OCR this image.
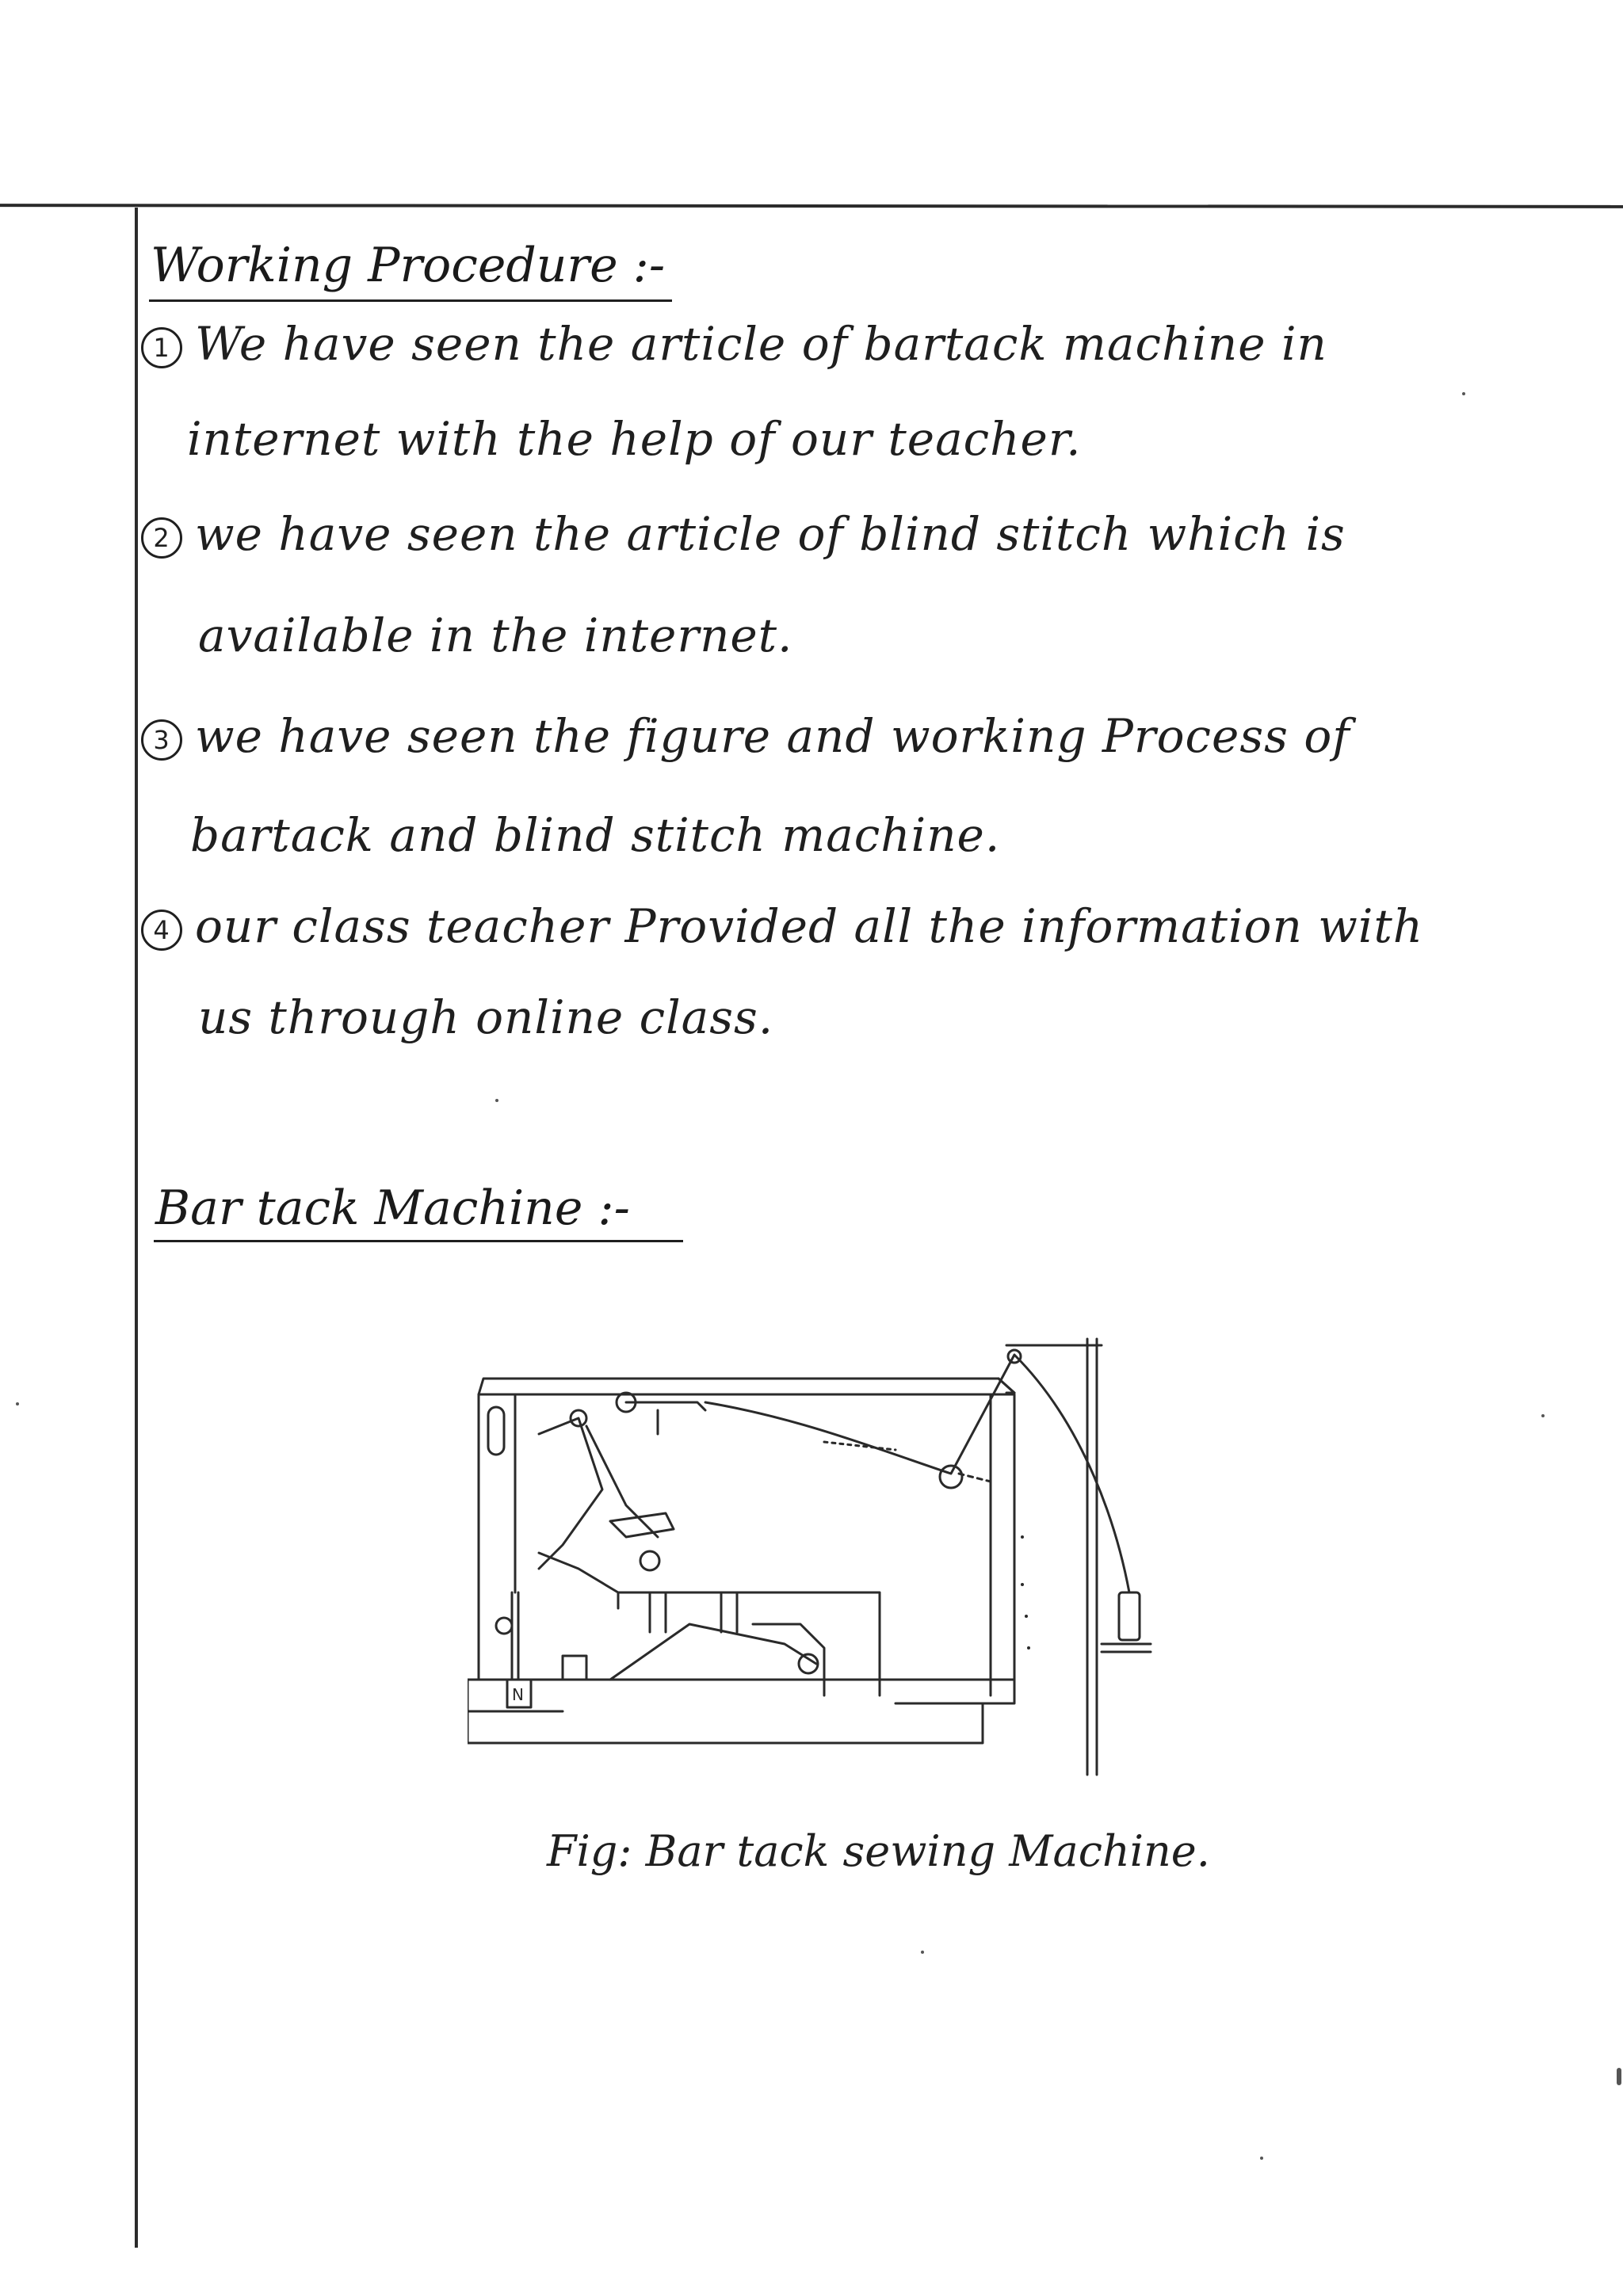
Working Procedure :-
1 We have seen the article of bartack machine in
internet with the help of our teacher.
2 we have seen the article of blind stitch which is
available in the internet.
3 we have seen the figure and working Process of
bartack and blind stitch machine.
4 our class teacher Provided all the information with
us through online class.
Bar tack Machine :-
N
Fig: Bar tack sewing Machine.
